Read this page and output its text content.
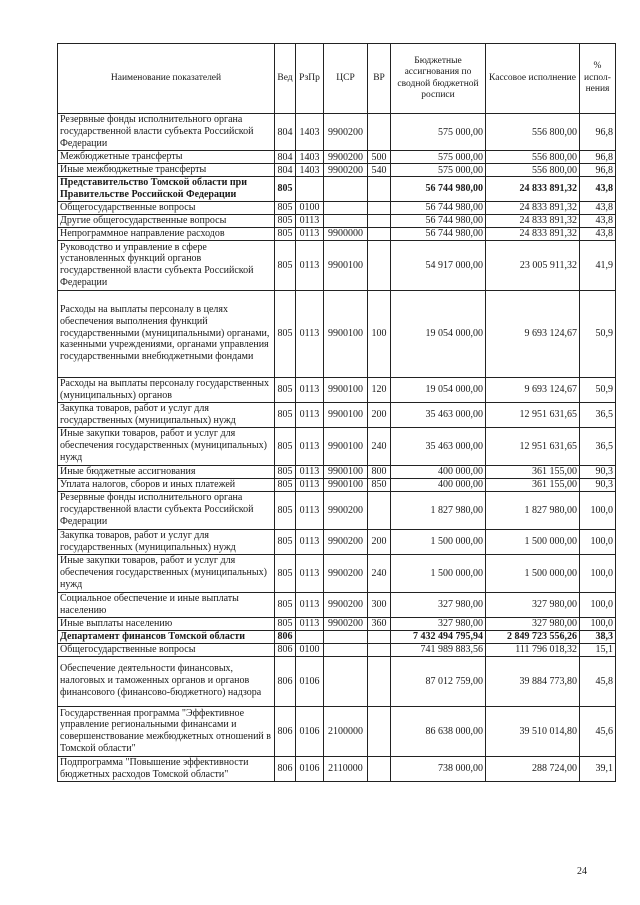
Наименование показателей	Вед	РзПр	ЦСР	ВР	Бюджетные ассигнования по сводной бюджетной росписи	Кассовое исполнение	% испол-нения
Резервные фонды исполнительного органа государственной власти субъекта Российской Федерации	804	1403	9900200		575 000,00	556 800,00	96,8
Межбюджетные трансферты	804	1403	9900200	500	575 000,00	556 800,00	96,8
Иные межбюджетные трансферты	804	1403	9900200	540	575 000,00	556 800,00	96,8
Представительство Томской области при Правительстве Российской Федерации	805				56 744 980,00	24 833 891,32	43,8
Общегосударственные вопросы	805	0100			56 744 980,00	24 833 891,32	43,8
Другие общегосударственные вопросы	805	0113			56 744 980,00	24 833 891,32	43,8
Непрограммное направление расходов	805	0113	9900000		56 744 980,00	24 833 891,32	43,8
Руководство и управление в сфере установленных функций органов государственной власти субъекта Российской Федерации	805	0113	9900100		54 917 000,00	23 005 911,32	41,9
Расходы на выплаты персоналу в целях обеспечения выполнения функций государственными (муниципальными) органами, казенными учреждениями, органами управления государственными внебюджетными фондами	805	0113	9900100	100	19 054 000,00	9 693 124,67	50,9
Расходы на выплаты персоналу государственных (муниципальных) органов	805	0113	9900100	120	19 054 000,00	9 693 124,67	50,9
Закупка товаров, работ и услуг для государственных (муниципальных) нужд	805	0113	9900100	200	35 463 000,00	12 951 631,65	36,5
Иные закупки товаров, работ и услуг для обеспечения государственных (муниципальных) нужд	805	0113	9900100	240	35 463 000,00	12 951 631,65	36,5
Иные бюджетные ассигнования	805	0113	9900100	800	400 000,00	361 155,00	90,3
Уплата налогов, сборов и иных платежей	805	0113	9900100	850	400 000,00	361 155,00	90,3
Резервные фонды исполнительного органа государственной власти субъекта Российской Федерации	805	0113	9900200		1 827 980,00	1 827 980,00	100,0
Закупка товаров, работ и услуг для государственных (муниципальных) нужд	805	0113	9900200	200	1 500 000,00	1 500 000,00	100,0
Иные закупки товаров, работ и услуг для обеспечения государственных (муниципальных) нужд	805	0113	9900200	240	1 500 000,00	1 500 000,00	100,0
Социальное обеспечение и иные выплаты населению	805	0113	9900200	300	327 980,00	327 980,00	100,0
Иные выплаты населению	805	0113	9900200	360	327 980,00	327 980,00	100,0
Департамент финансов Томской области	806				7 432 494 795,94	2 849 723 556,26	38,3
Общегосударственные вопросы	806	0100			741 989 883,56	111 796 018,32	15,1
Обеспечение деятельности финансовых, налоговых и таможенных органов и органов финансового (финансово-бюджетного) надзора	806	0106			87 012 759,00	39 884 773,80	45,8
Государственная программа "Эффективное управление региональными финансами и совершенствование межбюджетных отношений в Томской области"	806	0106	2100000		86 638 000,00	39 510 014,80	45,6
Подпрограмма "Повышение эффективности бюджетных расходов Томской области"	806	0106	2110000		738 000,00	288 724,00	39,1
24
